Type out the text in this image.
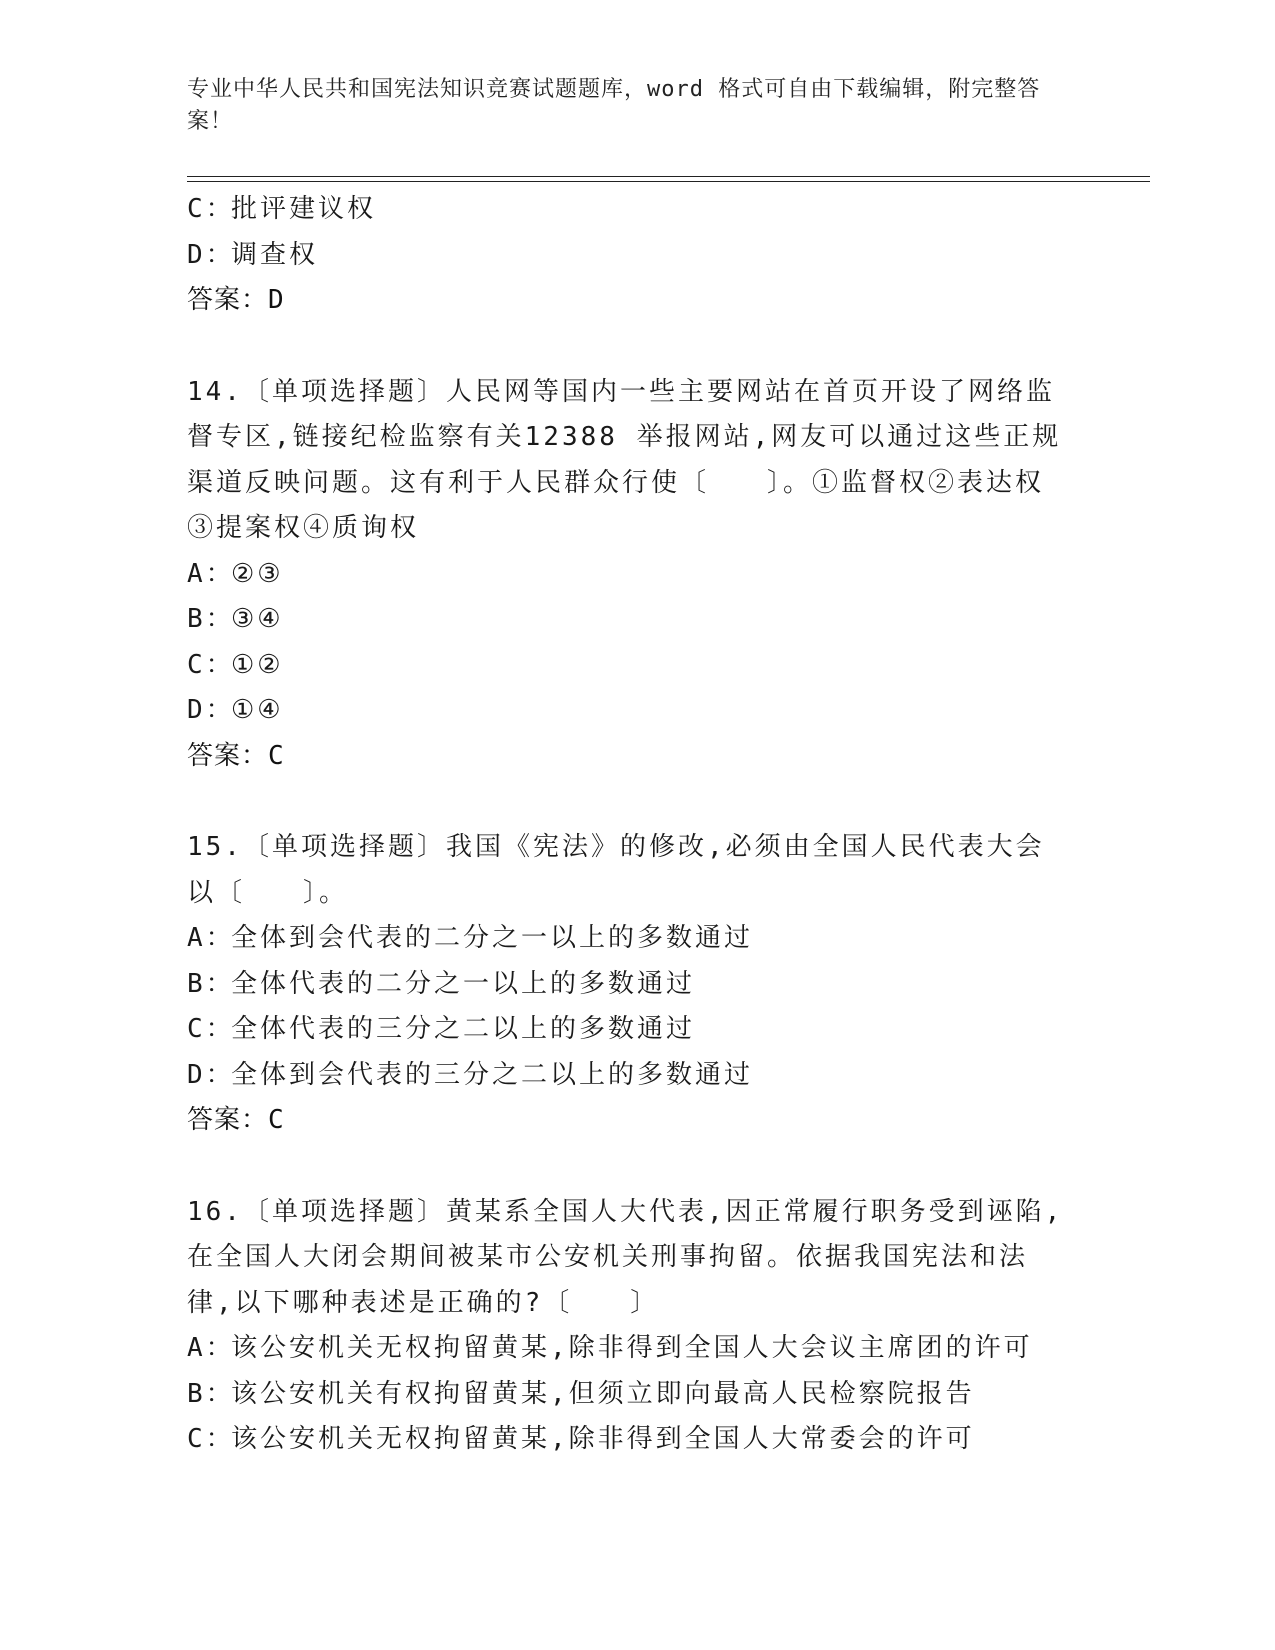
专业中华人民共和国宪法知识竞赛试题题库，word 格式可自由下载编辑，附完整答案！
C：批评建议权
D：调查权
答案：D
14.〔单项选择题〕人民网等国内一些主要网站在首页开设了网络监督专区,链接纪检监察有关12388 举报网站,网友可以通过这些正规渠道反映问题。这有利于人民群众行使〔　　〕。①监督权②表达权③提案权④质询权
A：②③
B：③④
C：①②
D：①④
答案：C
15.〔单项选择题〕我国《宪法》的修改,必须由全国人民代表大会以〔　　〕。
A：全体到会代表的二分之一以上的多数通过
B：全体代表的二分之一以上的多数通过
C：全体代表的三分之二以上的多数通过
D：全体到会代表的三分之二以上的多数通过
答案：C
16.〔单项选择题〕黄某系全国人大代表,因正常履行职务受到诬陷,在全国人大闭会期间被某市公安机关刑事拘留。依据我国宪法和法律,以下哪种表述是正确的?〔　　〕
A：该公安机关无权拘留黄某,除非得到全国人大会议主席团的许可
B：该公安机关有权拘留黄某,但须立即向最高人民检察院报告
C：该公安机关无权拘留黄某,除非得到全国人大常委会的许可
